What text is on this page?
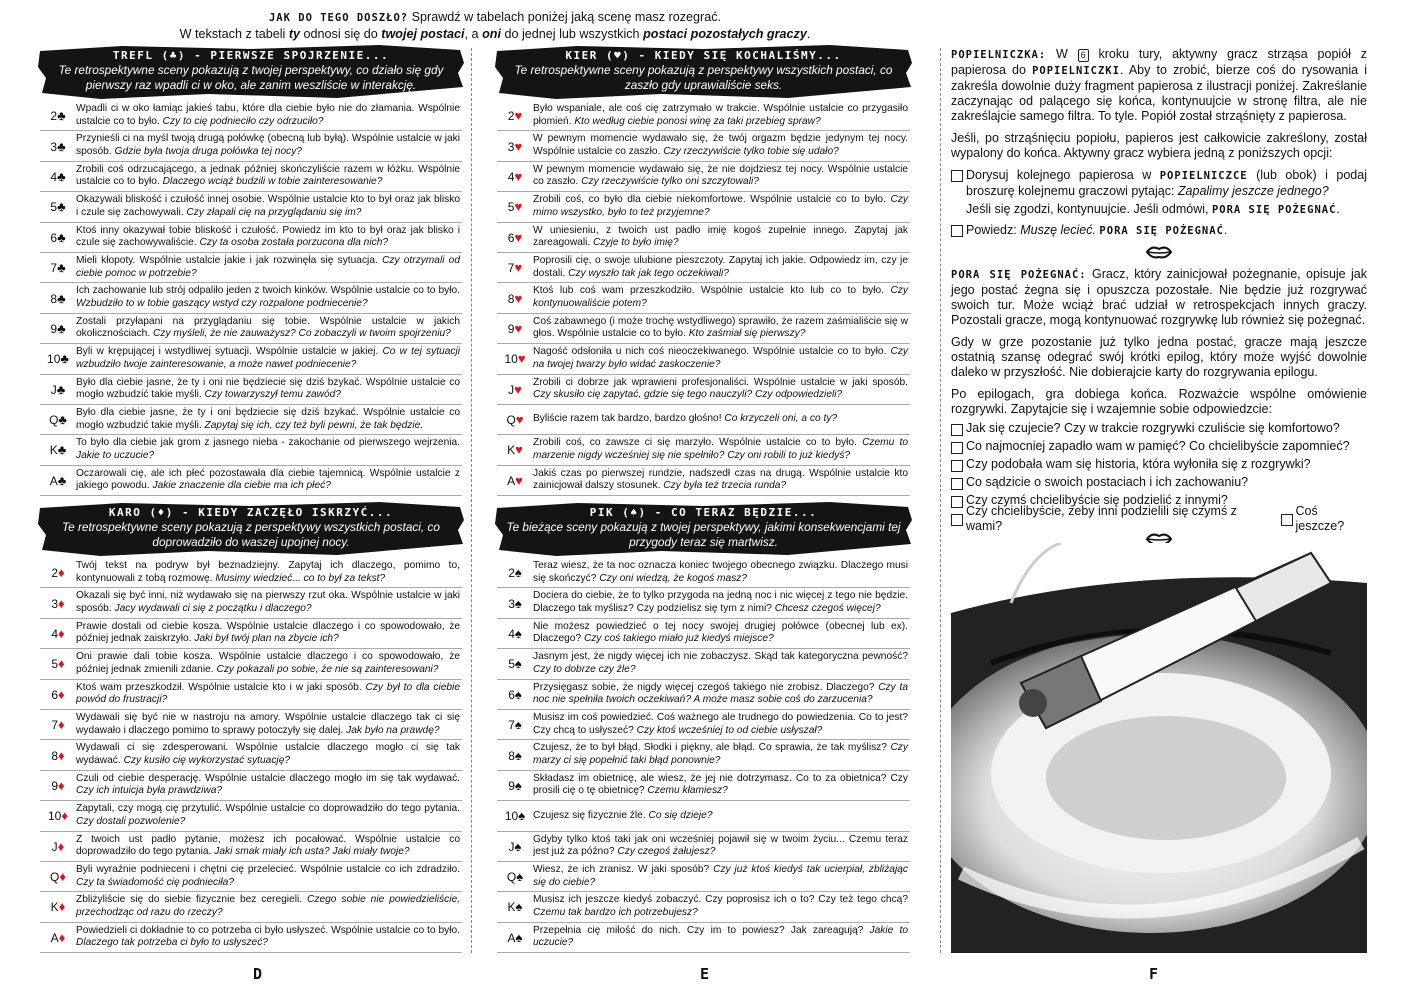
JAK DO TEGO DOSZŁO? Sprawdź w tabelach poniżej jaką scenę masz rozegrać.
W tekstach z tabeli ty odnosi się do twojej postaci, a oni do jednej lub wszystkich postaci pozostałych graczy.
TREFL (♣) - PIERWSZE SPOJRZENIE...
Te retrospektywne sceny pokazują z twojej perspektywy, co działo się gdy pierwszy raz wpadli ci w oko, ale zanim weszliście w interakcję.
2♣	Wpadli ci w oko łamiąc jakieś tabu, które dla ciebie było nie do złamania. Wspólnie ustalcie co to było. Czy to cię podnieciło czy odrzuciło?
3♣	Przynieśli ci na myśl twoją drugą połówkę (obecną lub byłą). Wspólnie ustalcie w jaki sposób. Gdzie była twoja druga połówka tej nocy?
4♣	Zrobili coś odrzucającego, a jednak później skończyliście razem w łóżku. Wspólnie ustalcie co to było. Dlaczego wciąż budzili w tobie zainteresowanie?
5♣	Okazywali bliskość i czułość innej osobie. Wspólnie ustalcie kto to był oraz jak blisko i czule się zachowywali. Czy złapali cię na przyglądaniu się im?
6♣	Ktoś inny okazywał tobie bliskość i czułość. Powiedz im kto to był oraz jak blisko i czule się zachowywaliście. Czy ta osoba została porzucona dla nich?
7♣	Mieli kłopoty. Wspólnie ustalcie jakie i jak rozwinęła się sytuacja. Czy otrzymali od ciebie pomoc w potrzebie?
8♣	Ich zachowanie lub strój odpaliło jeden z twoich kinków. Wspólnie ustalcie co to było. Wzbudziło to w tobie gaszący wstyd czy rozpalone podniecenie?
9♣	Zostali przyłapani na przyglądaniu się tobie. Wspólnie ustalcie w jakich okolicznościach. Czy myśleli, że nie zauważysz? Co zobaczyli w twoim spojrzeniu?
10♣ Byli w krępującej i wstydliwej sytuacji. Wspólnie ustalcie w jakiej. Co w tej sytuacji wzbudziło twoje zainteresowanie, a może nawet podniecenie?
J♣	Było dla ciebie jasne, że ty i oni nie będziecie się dziś bzykać. Wspólnie ustalcie co mogło wzbudzić takie myśli. Czy towarzyszył temu zawód?
Q♣ Było dla ciebie jasne, że ty i oni będziecie się dziś bzykać. Wspólnie ustalcie co mogło wzbudzić takie myśli. Zapytaj się ich, czy też byli pewni, że tak będzie.
K♣ To było dla ciebie jak grom z jasnego nieba - zakochanie od pierwszego wejrzenia. Jakie to uczucie?
A♣ Oczarowali cię, ale ich płeć pozostawała dla ciebie tajemnicą. Wspólnie ustalcie z jakiego powodu. Jakie znaczenie dla ciebie ma ich płeć?
KARO (♦) - KIEDY ZACZĘŁO ISKRZYĆ...
Te retrospektywne sceny pokazują z perspektywy wszystkich postaci, co doprowadziło do waszej upojnej nocy.
2♦	Twój tekst na podryw był beznadziejny. Zapytaj ich dlaczego, pomimo to, kontynuowali z tobą rozmowę. Musimy wiedzieć... co to był za tekst?
3♦	Okazali się być inni, niż wydawało się na pierwszy rzut oka. Wspólnie ustalcie w jaki sposób. Jacy wydawali ci się z początku i dlaczego?
4♦	Prawie dostali od ciebie kosza. Wspólnie ustalcie dlaczego i co spowodowało, że później jednak zaiskrzyło. Jaki był twój plan na zbycie ich?
5♦	Oni prawie dali tobie kosza. Wspólnie ustalcie dlaczego i co spowodowało, że później jednak zmienili zdanie. Czy pokazali po sobie, że nie są zainteresowani?
6♦	Ktoś wam przeszkodził. Wspólnie ustalcie kto i w jaki sposób. Czy był to dla ciebie powód do frustracji?
7♦	Wydawali się być nie w nastroju na amory. Wspólnie ustalcie dlaczego tak ci się wydawało i dlaczego pomimo to sprawy potoczyły się dalej. Jak było na prawdę?
8♦	Wydawali ci się zdesperowani. Wspólnie ustalcie dlaczego mogło ci się tak wydawać. Czy kusiło cię wykorzystać sytuację?
9♦	Czuli od ciebie desperację. Wspólnie ustalcie dlaczego mogło im się tak wydawać. Czy ich intuicja była prawdziwa?
10♦ Zapytali, czy mogą cię przytulić. Wspólnie ustalcie co doprowadziło do tego pytania. Czy dostali pozwolenie?
J♦	Z twoich ust padło pytanie, możesz ich pocałować. Wspólnie ustalcie co doprowadziło do tego pytania. Jaki smak miały ich usta? Jaki miały twoje?
Q♦ Byli wyraźnie podnieceni i chętni cię przelecieć. Wspólnie ustalcie co ich zdradziło. Czy ta świadomość cię podnieciła?
K♦	Zbliżyliście się do siebie fizycznie bez ceregieli. Czego sobie nie powiedzieliście, przechodząc od razu do rzeczy?
A♦	Powiedzieli ci dokładnie to co potrzeba ci było usłyszeć. Wspólnie ustalcie co to było. Dlaczego tak potrzeba ci było to usłyszeć?
KIER (♥) - KIEDY SIĘ KOCHALIŚMY...
Te retrospektywne sceny pokazują z perspektywy wszystkich postaci, co zaszło gdy uprawialiście seks.
2♥	Było wspaniale, ale coś cię zatrzymało w trakcie. Wspólnie ustalcie co przygasiło płomień. Kto według ciebie ponosi winę za taki przebieg spraw?
3♥	W pewnym momencie wydawało się, że twój orgazm będzie jedynym tej nocy. Wspólnie ustalcie co zaszło. Czy rzeczywiście tylko tobie się udało?
4♥	W pewnym momencie wydawało się, że nie dojdziesz tej nocy. Wspólnie ustalcie co zaszło. Czy rzeczywiście tylko oni szczytowali?
5♥	Zrobili coś, co było dla ciebie niekomfortowe. Wspólnie ustalcie co to było. Czy mimo wszystko, było to też przyjemne?
6♥	W uniesieniu, z twoich ust padło imię kogoś zupełnie innego. Zapytaj jak zareagowali. Czyje to było imię?
7♥	Poprosili cię, o swoje ulubione pieszczoty. Zapytaj ich jakie. Odpowiedz im, czy je dostali. Czy wyszło tak jak tego oczekiwali?
8♥	Ktoś lub coś wam przeszkodziło. Wspólnie ustalcie kto lub co to było. Czy kontynuowaliście potem?
9♥	Coś zabawnego (i może trochę wstydliwego) sprawiło, że razem zaśmialiście się w głos. Wspólnie ustalcie co to było. Kto zaśmiał się pierwszy?
10♥ Nagość odsłoniła u nich coś nieoczekiwanego. Wspólnie ustalcie co to było. Czy na twojej twarzy było widać zaskoczenie?
J♥	Zrobili ci dobrze jak wprawieni profesjonaliści. Wspólnie ustalcie w jaki sposób. Czy skusiło cię zapytać, gdzie się tego nauczyli? Czy odpowiedzieli?
Q♥ Byliście razem tak bardzo, bardzo głośno! Co krzyczeli oni, a co ty?
K♥ Zrobili coś, co zawsze ci się marzyło. Wspólnie ustalcie co to było. Czemu to marzenie nigdy wcześniej się nie spełniło? Czy oni robili to już kiedyś?
A♥ Jakiś czas po pierwszej rundzie, nadszedł czas na drugą. Wspólnie ustalcie kto zainicjował dalszy stosunek. Czy była też trzecia runda?
PIK (♠) - CO TERAZ BĘDZIE...
Te bieżące sceny pokazują z twojej perspektywy, jakimi konsekwencjami tej przygody teraz się martwisz.
2♠	Teraz wiesz, że ta noc oznacza koniec twojego obecnego związku. Dlaczego musi się skończyć? Czy oni wiedzą, że kogoś masz?
3♠	Dociera do ciebie, że to tylko przygoda na jedną noc i nic więcej z tego nie będzie. Dlaczego tak myślisz? Czy podzielisz się tym z nimi? Chcesz czegoś więcej?
4♠	Nie możesz powiedzieć o tej nocy swojej drugiej połówce (obecnej lub ex). Dlaczego? Czy coś takiego miało już kiedyś miejsce?
5♠	Jasnym jest, że nigdy więcej ich nie zobaczysz. Skąd tak kategoryczna pewność? Czy to dobrze czy źle?
6♠	Przysięgasz sobie, że nigdy więcej czegoś takiego nie zrobisz. Dlaczego? Czy ta noc nie spełniła twoich oczekiwań? A może masz sobie coś do zarzucenia?
7♠	Musisz im coś powiedzieć. Coś ważnego ale trudnego do powiedzenia. Co to jest? Czy chcą to usłyszeć? Czy ktoś wcześniej to od ciebie usłyszał?
8♠	Czujesz, że to był błąd. Słodki i piękny, ale błąd. Co sprawia, że tak myślisz? Czy marzy ci się popełnić taki błąd ponownie?
9♠	Składasz im obietnicę, ale wiesz, że jej nie dotrzymasz. Co to za obietnica? Czy prosili cię o tę obietnicę? Czemu kłamiesz?
10♠ Czujesz się fizycznie źle. Co się dzieje?
J♠	Gdyby tylko ktoś taki jak oni wcześniej pojawił się w twoim życiu... Czemu teraz jest już za późno? Czy czegoś żałujesz?
Q♠ Wiesz, że ich zranisz. W jaki sposób? Czy już ktoś kiedyś tak ucierpiał, zbliżając się do ciebie?
K♠	Musisz ich jeszcze kiedyś zobaczyć. Czy poprosisz ich o to? Czy też tego chcą? Czemu tak bardzo ich potrzebujesz?
A♠	Przepełnia cię miłość do nich. Czy im to powiesz? Jak zareagują? Jakie to uczucie?

POPIELNICZKA: W 6 kroku tury, aktywny gracz strząsa popiół z papierosa do POPIELNICZKI. Aby to zrobić, bierze coś do rysowania i zakreśla dowolnie duży fragment papierosa z ilustracji poniżej. Zakreślanie zaczynając od palącego się końca, kontynuujcie w stronę filtra, ale nie zakreślajcie samego filtra. To tyle. Popiół został strząśnięty z papierosa.

Jeśli, po strząśnięciu popiołu, papieros jest całkowicie zakreślony, został wypalony do końca. Aktywny gracz wybiera jedną z poniższych opcji:

Dorysuj kolejnego papierosa w POPIELNICZCE (lub obok) i podaj broszurę kolejnemu graczowi pytając: Zapalimy jeszcze jednego?

Jeśli się zgodzi, kontynuujcie. Jeśli odmówi, PORA SIĘ POŻEGNAĆ.
Powiedz: Muszę lecieć. PORA SIĘ POŻEGNAĆ.

PORA SIĘ POŻEGNAĆ: Gracz, który zainicjował pożegnanie, opisuje jak jego postać żegna się i opuszcza pozostałe. Nie będzie już rozgrywać swoich tur. Może wciąż brać udział w retrospekcjach innych graczy. Pozostali gracze, mogą kontynuować rozgrywkę lub również się pożegnać.

Gdy w grze pozostanie już tylko jedna postać, gracze mają jeszcze ostatnią szansę odegrać swój krótki epilog, który może wyjść dowolnie daleko w przyszłość. Nie dobierajcie karty do rozgrywania epilogu.

Po epilogach, gra dobiega końca. Rozważcie wspólne omówienie rozgrywki. Zapytajcie się i wzajemnie sobie odpowiedzcie:

Jak się czujecie? Czy w trakcie rozgrywki czuliście się komfortowo?
Co najmocniej zapadło wam w pamięć? Co chcielibyście zapomnieć?
Czy podobała wam się historia, która wyłoniła się z rozgrywki?
Co sądzicie o swoich postaciach i ich zachowaniu?
Czy czymś chcielibyście się podzielić z innymi?
Czy chcielibyście, żeby inni podzielili się czymś z wami?
Coś jeszcze?
D	E	F
